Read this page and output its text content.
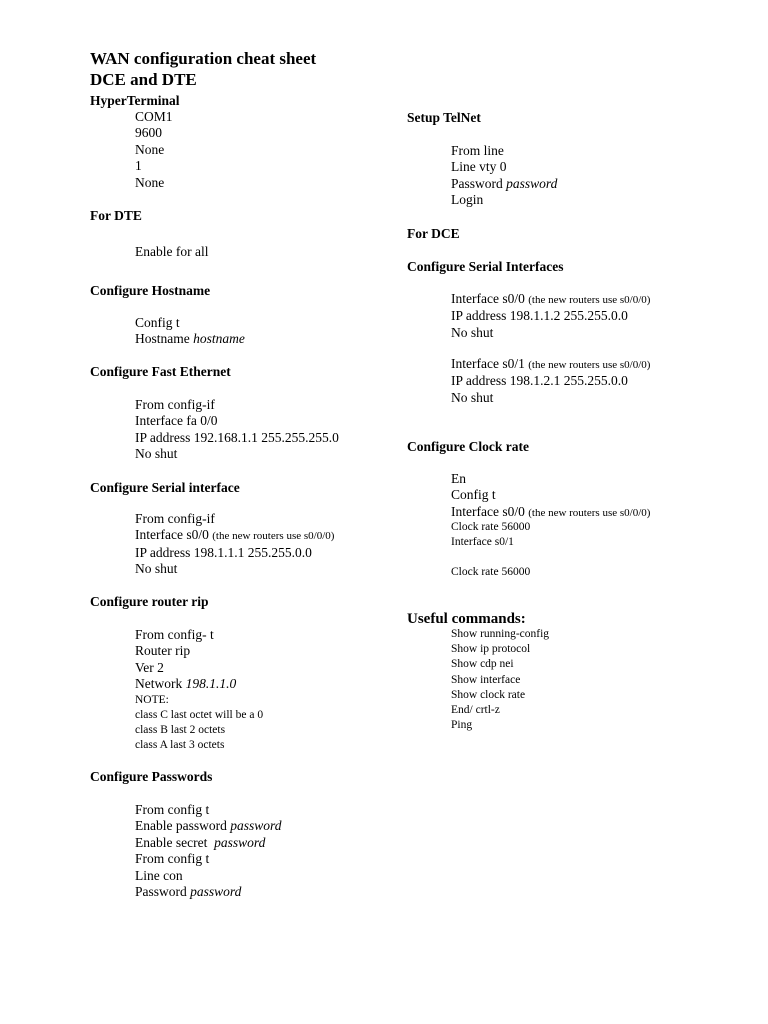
WAN configuration cheat sheet
DCE and DTE
HyperTerminal
COM1
9600
None
1
None
For DTE
Enable for all
Configure Hostname
Config t
Hostname hostname
Configure Fast Ethernet
From config-if
Interface fa 0/0
IP address 192.168.1.1 255.255.255.0
No shut
Configure Serial interface
From config-if
Interface s0/0 (the new routers use s0/0/0)
IP address 198.1.1.1 255.255.0.0
No shut
Configure router rip
From config- t
Router rip
Ver 2
Network 198.1.1.0
NOTE:
class C last octet will be a 0
class B last 2 octets
class A last 3 octets
Configure Passwords
From config t
Enable password password
Enable secret  password
From config t
Line con
Password password
Setup TelNet
From line
Line vty 0
Password password
Login
For DCE
Configure Serial Interfaces
Interface s0/0 (the new routers use s0/0/0)
IP address 198.1.1.2 255.255.0.0
No shut
Interface s0/1 (the new routers use s0/0/0)
IP address 198.1.2.1 255.255.0.0
No shut
Configure Clock rate
En
Config t
Interface s0/0 (the new routers use s0/0/0)
Clock rate 56000
Interface s0/1
Clock rate 56000
Useful commands:
Show running-config
Show ip protocol
Show cdp nei
Show interface
Show clock rate
End/ crtl-z
Ping
